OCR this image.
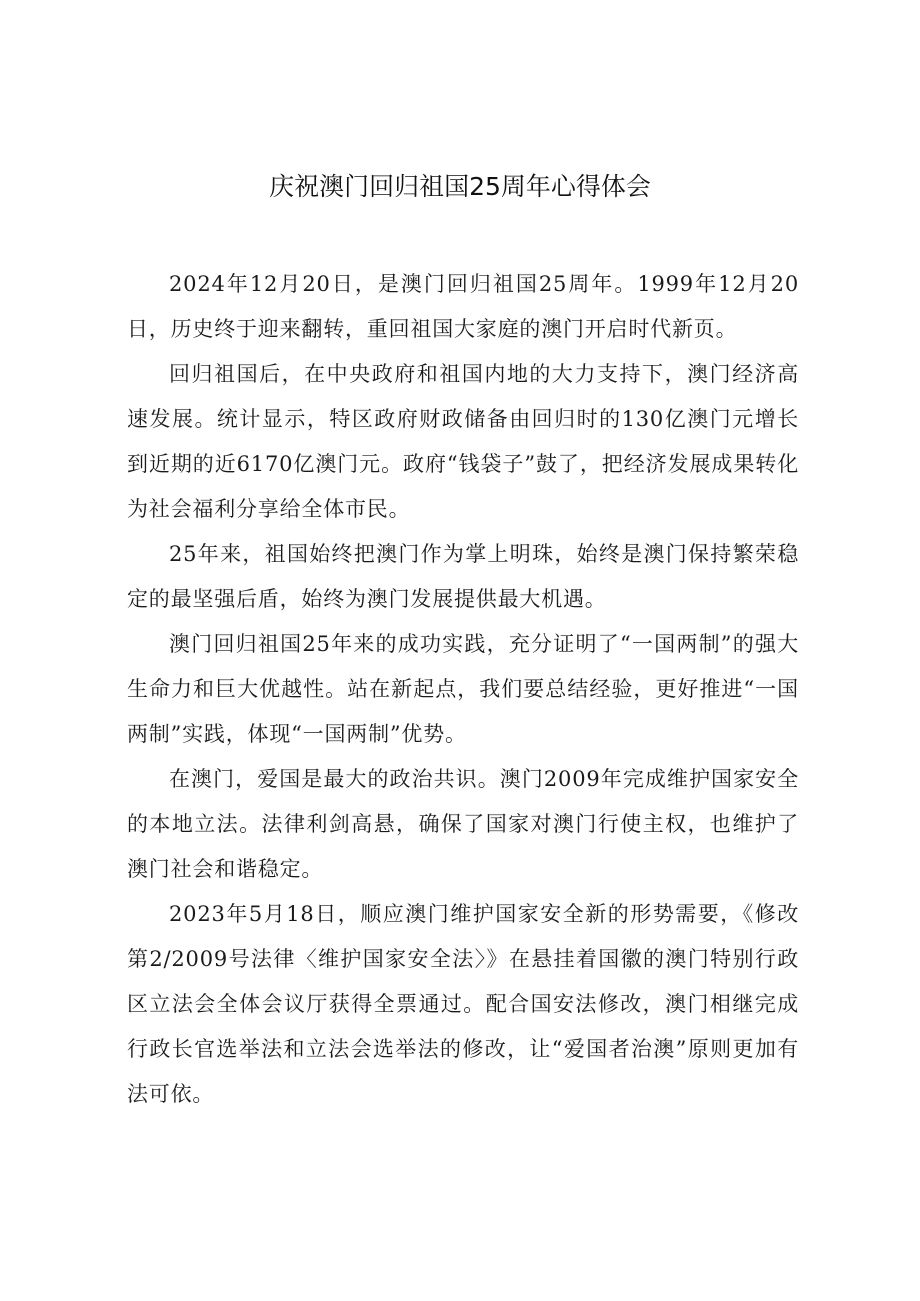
庆祝澳门回归祖国25周年心得体会

2024年12月20日，是澳门回归祖国25周年。1999年12月20日，历史终于迎来翻转，重回祖国大家庭的澳门开启时代新页。

回归祖国后，在中央政府和祖国内地的大力支持下，澳门经济高速发展。统计显示，特区政府财政储备由回归时的130亿澳门元增长到近期的近6170亿澳门元。政府“钱袋子”鼓了，把经济发展成果转化为社会福利分享给全体市民。

25年来，祖国始终把澳门作为掌上明珠，始终是澳门保持繁荣稳定的最坚强后盾，始终为澳门发展提供最大机遇。

澳门回归祖国25年来的成功实践，充分证明了“一国两制”的强大生命力和巨大优越性。站在新起点，我们要总结经验，更好推进“一国两制”实践，体现“一国两制”优势。

在澳门，爱国是最大的政治共识。澳门2009年完成维护国家安全的本地立法。法律利剑高悬，确保了国家对澳门行使主权，也维护了澳门社会和谐稳定。

2023年5月18日，顺应澳门维护国家安全新的形势需要，《修改第2/2009号法律〈维护国家安全法〉》在悬挂着国徽的澳门特别行政区立法会全体会议厅获得全票通过。配合国安法修改，澳门相继完成行政长官选举法和立法会选举法的修改，让“爱国者治澳”原则更加有法可依。
